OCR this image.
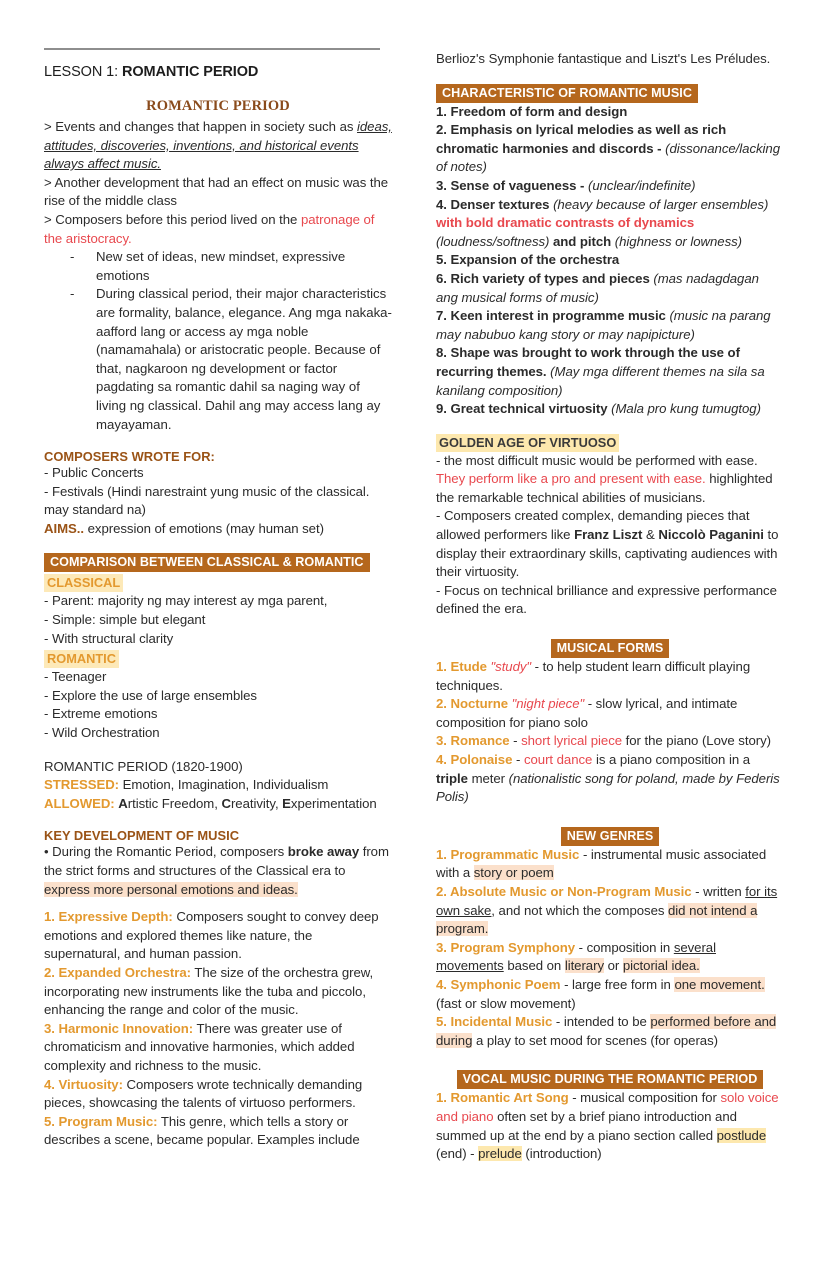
LESSON 1: ROMANTIC PERIOD
ROMANTIC PERIOD

> Events and changes that happen in society such as ideas, attitudes, discoveries, inventions, and historical events always affect music.

> Another development that had an effect on music was the rise of the middle class

> Composers before this period lived on the patronage of the aristocracy.

-	New set of ideas, new mindset, expressive emotions
-	During classical period, their major characteristics are formality, balance, elegance. Ang mga nakaka-aafford lang or access ay mga noble (namamahala) or aristocratic people. Because of that, nagkaroon ng development or factor pagdating sa romantic dahil sa naging way of living ng classical. Dahil ang may access lang ay mayayaman.

COMPOSERS WROTE FOR:

- Public Concerts

- Festivals (Hindi narestraint yung music of the classical. may standard na)

AIMS.. expression of emotions (may human set)

COMPARISON BETWEEN CLASSICAL & ROMANTIC

CLASSICAL

- Parent: majority ng may interest ay mga parent,

- Simple: simple but elegant

- With structural clarity

ROMANTIC

- Teenager

- Explore the use of large ensembles

- Extreme emotions

- Wild Orchestration

ROMANTIC PERIOD (1820-1900)

STRESSED: Emotion, Imagination, Individualism

ALLOWED: Artistic Freedom, Creativity, Experimentation

KEY DEVELOPMENT OF MUSIC

• During the Romantic Period, composers broke away from the strict forms and structures of the Classical era to express more personal emotions and ideas.

1. Expressive Depth: Composers sought to convey deep emotions and explored themes like nature, the supernatural, and human passion.

2. Expanded Orchestra: The size of the orchestra grew, incorporating new instruments like the tuba and piccolo, enhancing the range and color of the music.

3. Harmonic Innovation: There was greater use of chromaticism and innovative harmonies, which added complexity and richness to the music.

4. Virtuosity: Composers wrote technically demanding pieces, showcasing the talents of virtuoso performers.

5. Program Music: This genre, which tells a story or describes a scene, became popular. Examples include

Berlioz's Symphonie fantastique and Liszt's Les Préludes.

CHARACTERISTIC OF ROMANTIC MUSIC

1. Freedom of form and design

2. Emphasis on lyrical melodies as well as rich chromatic harmonies and discords - (dissonance/lacking of notes)

3. Sense of vagueness - (unclear/indefinite)

4. Denser textures (heavy because of larger ensembles) with bold dramatic contrasts of dynamics (loudness/softness) and pitch (highness or lowness)

5. Expansion of the orchestra

6. Rich variety of types and pieces (mas nadagdagan ang musical forms of music)

7. Keen interest in programme music (music na parang may nabubuo kang story or may napipicture)

8. Shape was brought to work through the use of recurring themes. (May mga different themes na sila sa kanilang composition)

9. Great technical virtuosity (Mala pro kung tumugtog)

GOLDEN AGE OF VIRTUOSO

- the most difficult music would be performed with ease. They perform like a pro and present with ease. highlighted the remarkable technical abilities of musicians.

- Composers created complex, demanding pieces that allowed performers like Franz Liszt & Niccolò Paganini to display their extraordinary skills, captivating audiences with their virtuosity.

- Focus on technical brilliance and expressive performance defined the era.

MUSICAL FORMS

1. Etude "study" - to help student learn difficult playing techniques.

2. Nocturne "night piece" - slow lyrical, and intimate composition for piano solo

3. Romance - short lyrical piece for the piano (Love story)

4. Polonaise - court dance is a piano composition in a triple meter (nationalistic song for poland, made by Federis Polis)

NEW GENRES

1. Programmatic Music - instrumental music associated with a story or poem

2. Absolute Music or Non-Program Music - written for its own sake, and not which the composes did not intend a program.

3. Program Symphony - composition in several movements based on literary or pictorial idea.

4. Symphonic Poem - large free form in one movement. (fast or slow movement)

5. Incidental Music - intended to be performed before and during a play to set mood for scenes (for operas)

VOCAL MUSIC DURING THE ROMANTIC PERIOD

1. Romantic Art Song - musical composition for solo voice and piano often set by a brief piano introduction and summed up at the end by a piano section called postlude (end) - prelude (introduction)
